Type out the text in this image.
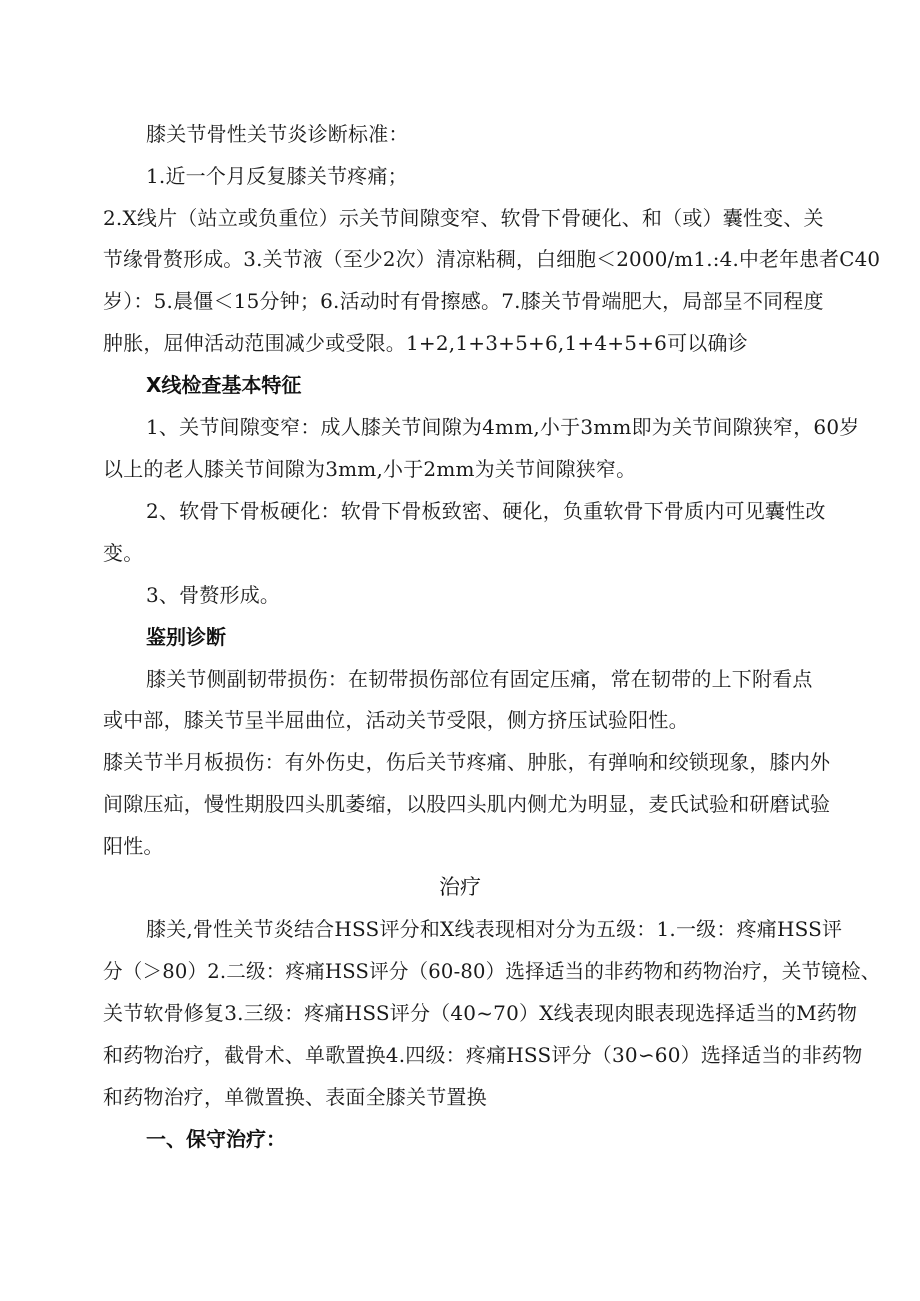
膝关节骨性关节炎诊断标准：
1.近一个月反复膝关节疼痛；
2.X线片（站立或负重位）示关节间隙变窄、软骨下骨硬化、和（或）囊性变、关
节缘骨赘形成。3.关节液（至少2次）清凉粘稠，白细胞＜2000/m1.:4.中老年患者C40
岁）：5.晨僵＜15分钟；6.活动时有骨擦感。7.膝关节骨端肥大，局部呈不同程度
肿胀，屈伸活动范围减少或受限。1+2,1+3+5+6,1+4+5+6可以确诊
X线检查基本特征
1、关节间隙变窄：成人膝关节间隙为4mm,小于3mm即为关节间隙狭窄，60岁
以上的老人膝关节间隙为3mm,小于2mm为关节间隙狭窄。
2、软骨下骨板硬化：软骨下骨板致密、硬化，负重软骨下骨质内可见囊性改
变。
3、骨赘形成。
鉴别诊断
膝关节侧副韧带损伤：在韧带损伤部位有固定压痛，常在韧带的上下附看点
或中部，膝关节呈半屈曲位，活动关节受限，侧方挤压试验阳性。
膝关节半月板损伤：有外伤史，伤后关节疼痛、肿胀，有弹响和绞锁现象，膝内外
间隙压疝，慢性期股四头肌萎缩，以股四头肌内侧尤为明显，麦氏试验和研磨试验
阳性。
治疗
膝关,骨性关节炎结合HSS评分和X线表现相对分为五级：1.一级：疼痛HSS评
分（＞80）2.二级：疼痛HSS评分（60-80）选择适当的非药物和药物治疗，关节镜检、
关节软骨修复3.三级：疼痛HSS评分（40~70）X线表现肉眼表现选择适当的M药物
和药物治疗，截骨术、单歌置换4.四级：疼痛HSS评分（30∽60）选择适当的非药物
和药物治疗，单微置换、表面全膝关节置换
一、保守治疗：
